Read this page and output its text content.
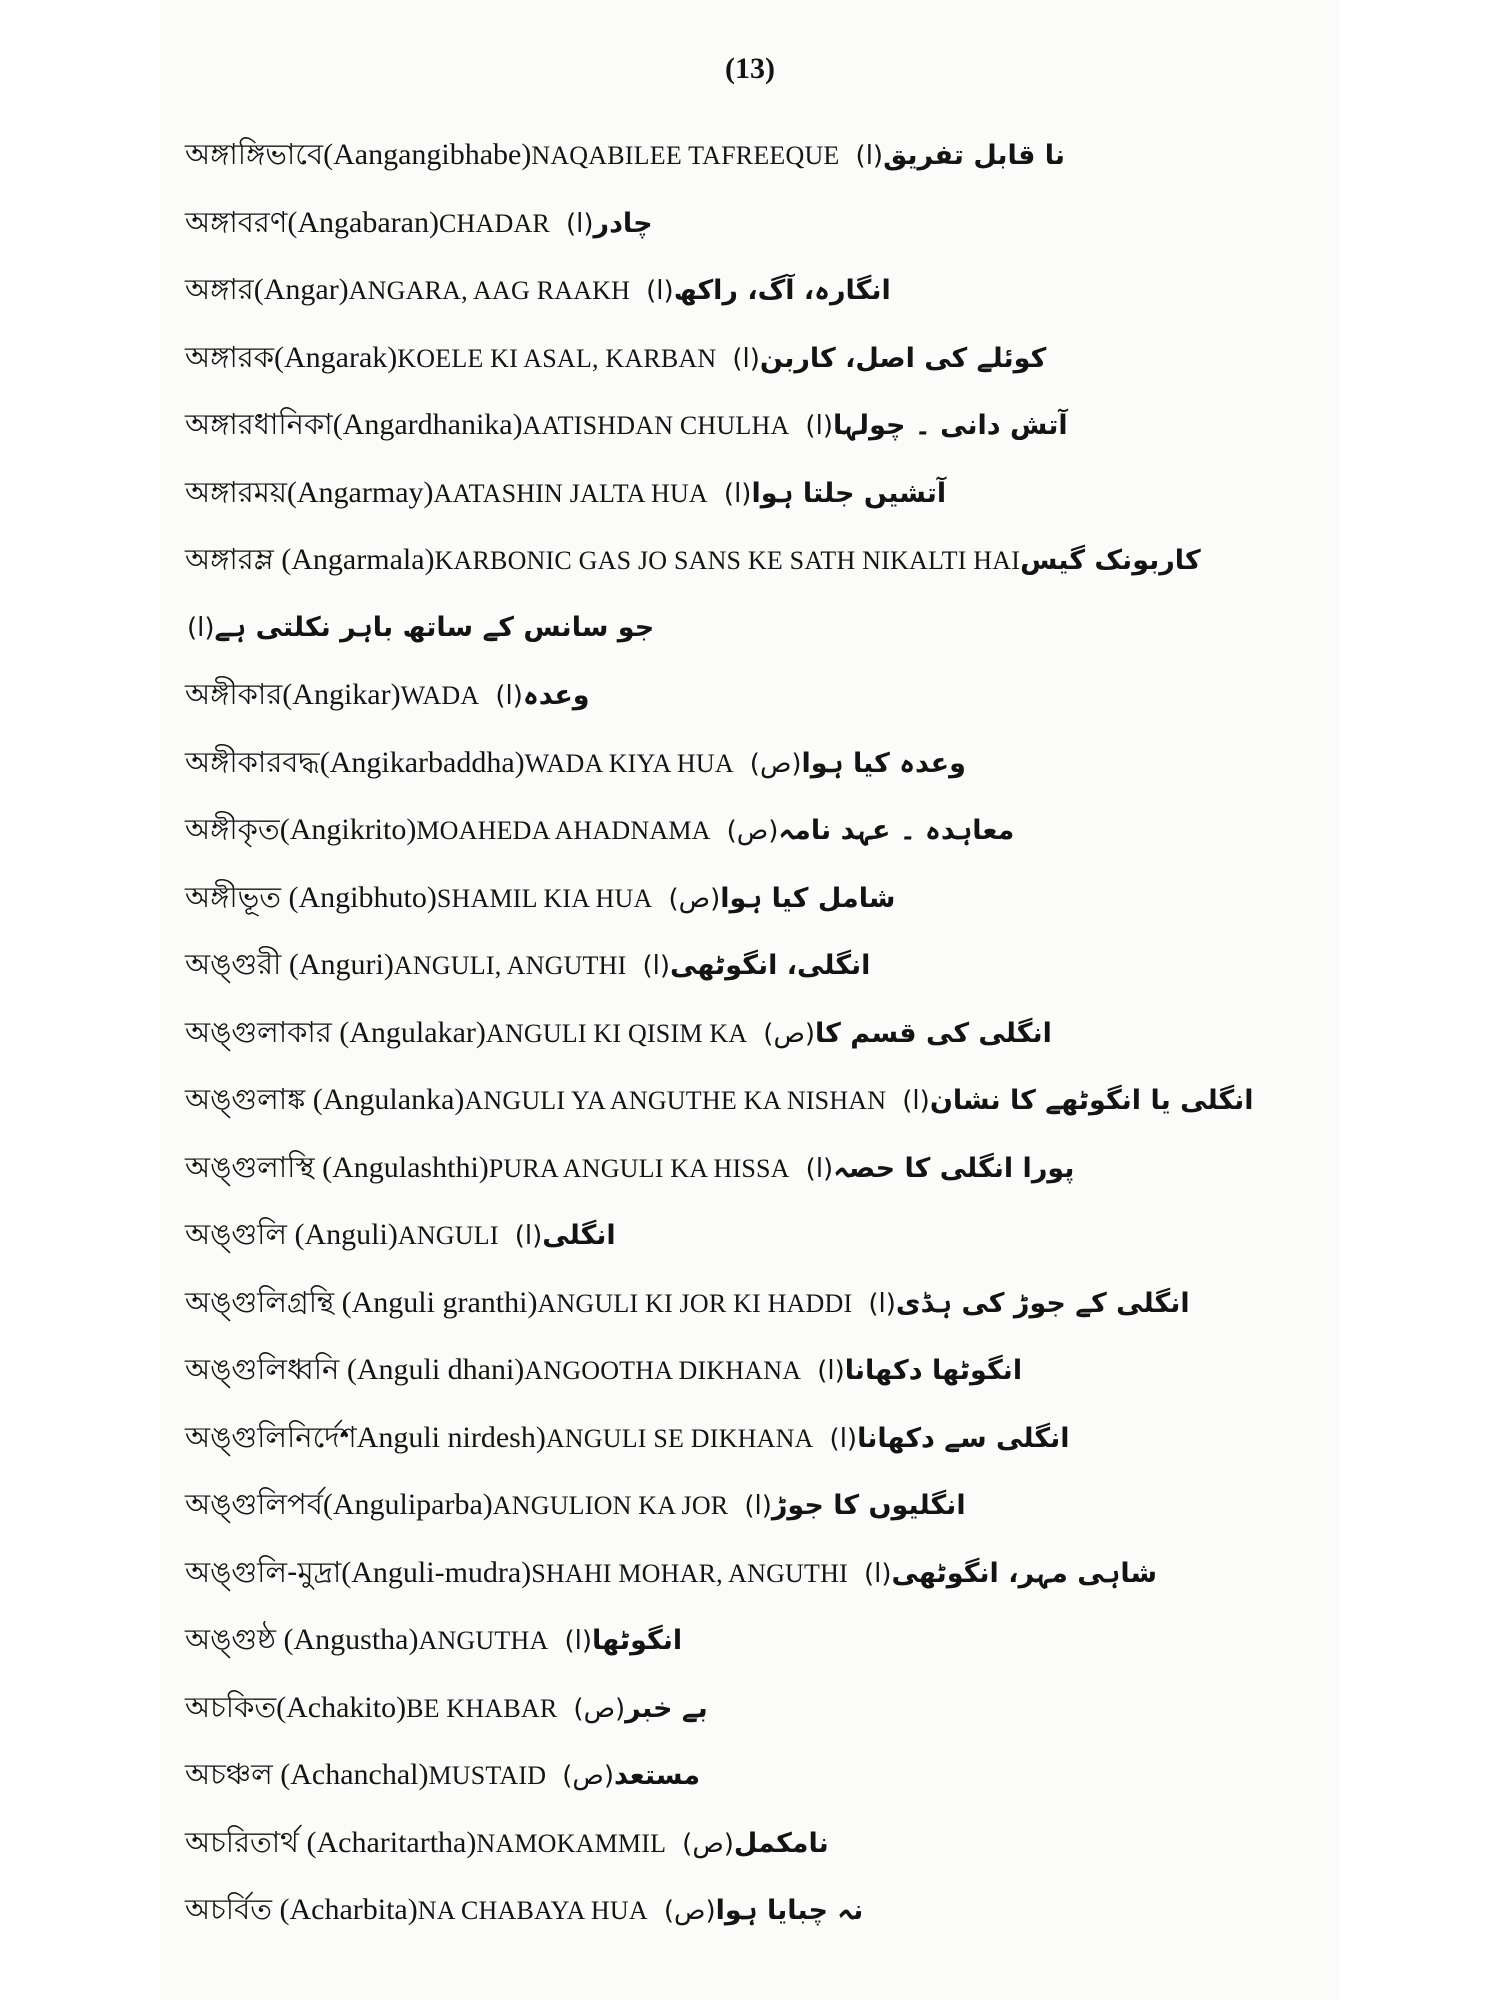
(13)
অঙ্গাঙ্গিভাবে(Aangangibhabe)NAQABILEE TAFREEQUE (ا)نا قابل تفریق
অঙ্গাবরণ(Angabaran)CHADAR (ا)چادر
অঙ্গার(Angar)ANGARA, AAG RAAKH (ا)انگارہ، آگ، راکھ
অঙ্গারক(Angarak)KOELE KI ASAL, KARBAN (ا)کوئلے کی اصل، کاربن
অঙ্গারধানিকা(Angardhanika)AATISHDAN CHULHA (ا)آتش دانی ۔ چولہا
অঙ্গারময়(Angarmay)AATASHIN JALTA HUA (ا)آتشیں جلتا ہوا
অঙ্গারম্ল (Angarmala)KARBONIC GAS JO SANS KE SATH NIKALTI HAIکاربونک گیس
(ا)جو سانس کے ساتھ باہر نکلتی ہے
অঙ্গীকার(Angikar)WADA (ا)وعدہ
অঙ্গীকারবদ্ধ(Angikarbaddha)WADA KIYA HUA (ص)وعدہ کیا ہوا
অঙ্গীকৃত(Angikrito)MOAHEDA AHADNAMA (ص)معاہدہ ۔ عہد نامہ
অঙ্গীভূত (Angibhuto)SHAMIL KIA HUA (ص)شامل کیا ہوا
অঙ্গুরী (Anguri)ANGULI, ANGUTHI (ا)انگلی، انگوٹھی
অঙ্গুলাকার (Angulakar)ANGULI KI QISIM KA (ص)انگلی کی قسم کا
অঙ্গুলাঙ্ক (Angulanka)ANGULI YA ANGUTHE KA NISHAN (ا)انگلی یا انگوٹھے کا نشان
অঙ্গুলাস্থি (Angulashthi)PURA ANGULI KA HISSA (ا)پورا انگلی کا حصہ
অঙ্গুলি (Anguli)ANGULI (ا)انگلی
অঙ্গুলিগ্রন্থি (Anguli granthi)ANGULI KI JOR KI HADDI (ا)انگلی کے جوڑ کی ہڈی
অঙ্গুলিধ্বনি (Anguli dhani)ANGOOTHA DIKHANA (ا)انگوٹھا دکھانا
অঙ্গুলিনির্দেশAnguli nirdesh)ANGULI SE DIKHANA (ا)انگلی سے دکھانا
অঙ্গুলিপর্ব(Anguliparba)ANGULION KA JOR (ا)انگلیوں کا جوڑ
অঙ্গুলি-মুদ্রা(Anguli-mudra)SHAHI MOHAR, ANGUTHI (ا)شاہی مہر، انگوٹھی
অঙ্গুষ্ঠ (Angustha)ANGUTHA (ا)انگوٹھا
অচকিত(Achakito)BE KHABAR (ص)بے خبر
অচঞ্চল (Achanchal)MUSTAID (ص)مستعد
অচরিতার্থ (Acharitartha)NAMOKAMMIL (ص)نامکمل
অচর্বিত (Acharbita)NA CHABAYA HUA (ص)نہ چبایا ہوا
